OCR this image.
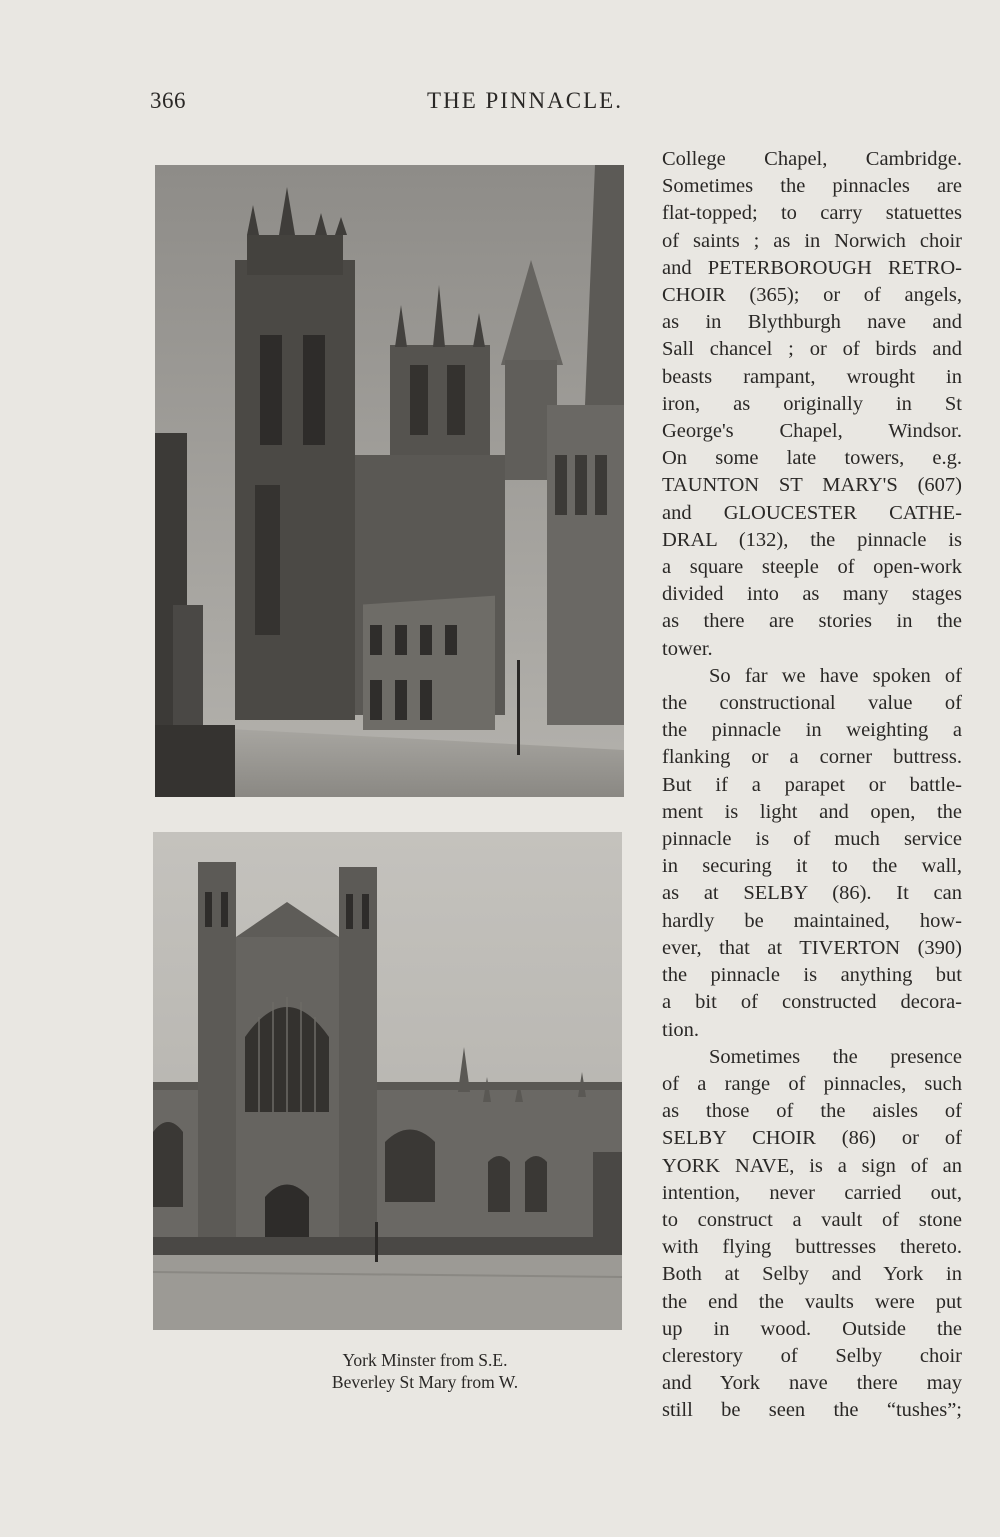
366	THE PINNACLE.
York Minster from S.E.
Beverley St Mary from W.
College Chapel, Cambridge.
Sometimes the pinnacles are
flat-topped; to carry statuettes
of saints ; as in Norwich choir
and PETERBOROUGH RETRO-
CHOIR (365); or of angels,
as in Blythburgh nave and
Sall chancel ; or of birds and
beasts rampant, wrought in
iron, as originally in St
George's Chapel, Windsor.
On some late towers, e.g.
TAUNTON ST MARY'S (607)
and GLOUCESTER CATHE-
DRAL (132), the pinnacle is
a square steeple of open-work
divided into as many stages
as there are stories in the
tower.
So far we have spoken of
the constructional value of
the pinnacle in weighting a
flanking or a corner buttress.
But if a parapet or battle-
ment is light and open, the
pinnacle is of much service
in securing it to the wall,
as at SELBY (86). It can
hardly be maintained, how-
ever, that at TIVERTON (390)
the pinnacle is anything but
a bit of constructed decora-
tion.
Sometimes the presence
of a range of pinnacles, such
as those of the aisles of
SELBY CHOIR (86) or of
YORK NAVE, is a sign of an
intention, never carried out,
to construct a vault of stone
with flying buttresses thereto.
Both at Selby and York in
the end the vaults were put
up in wood. Outside the
clerestory of Selby choir
and York nave there may
still be seen the “tushes”;
